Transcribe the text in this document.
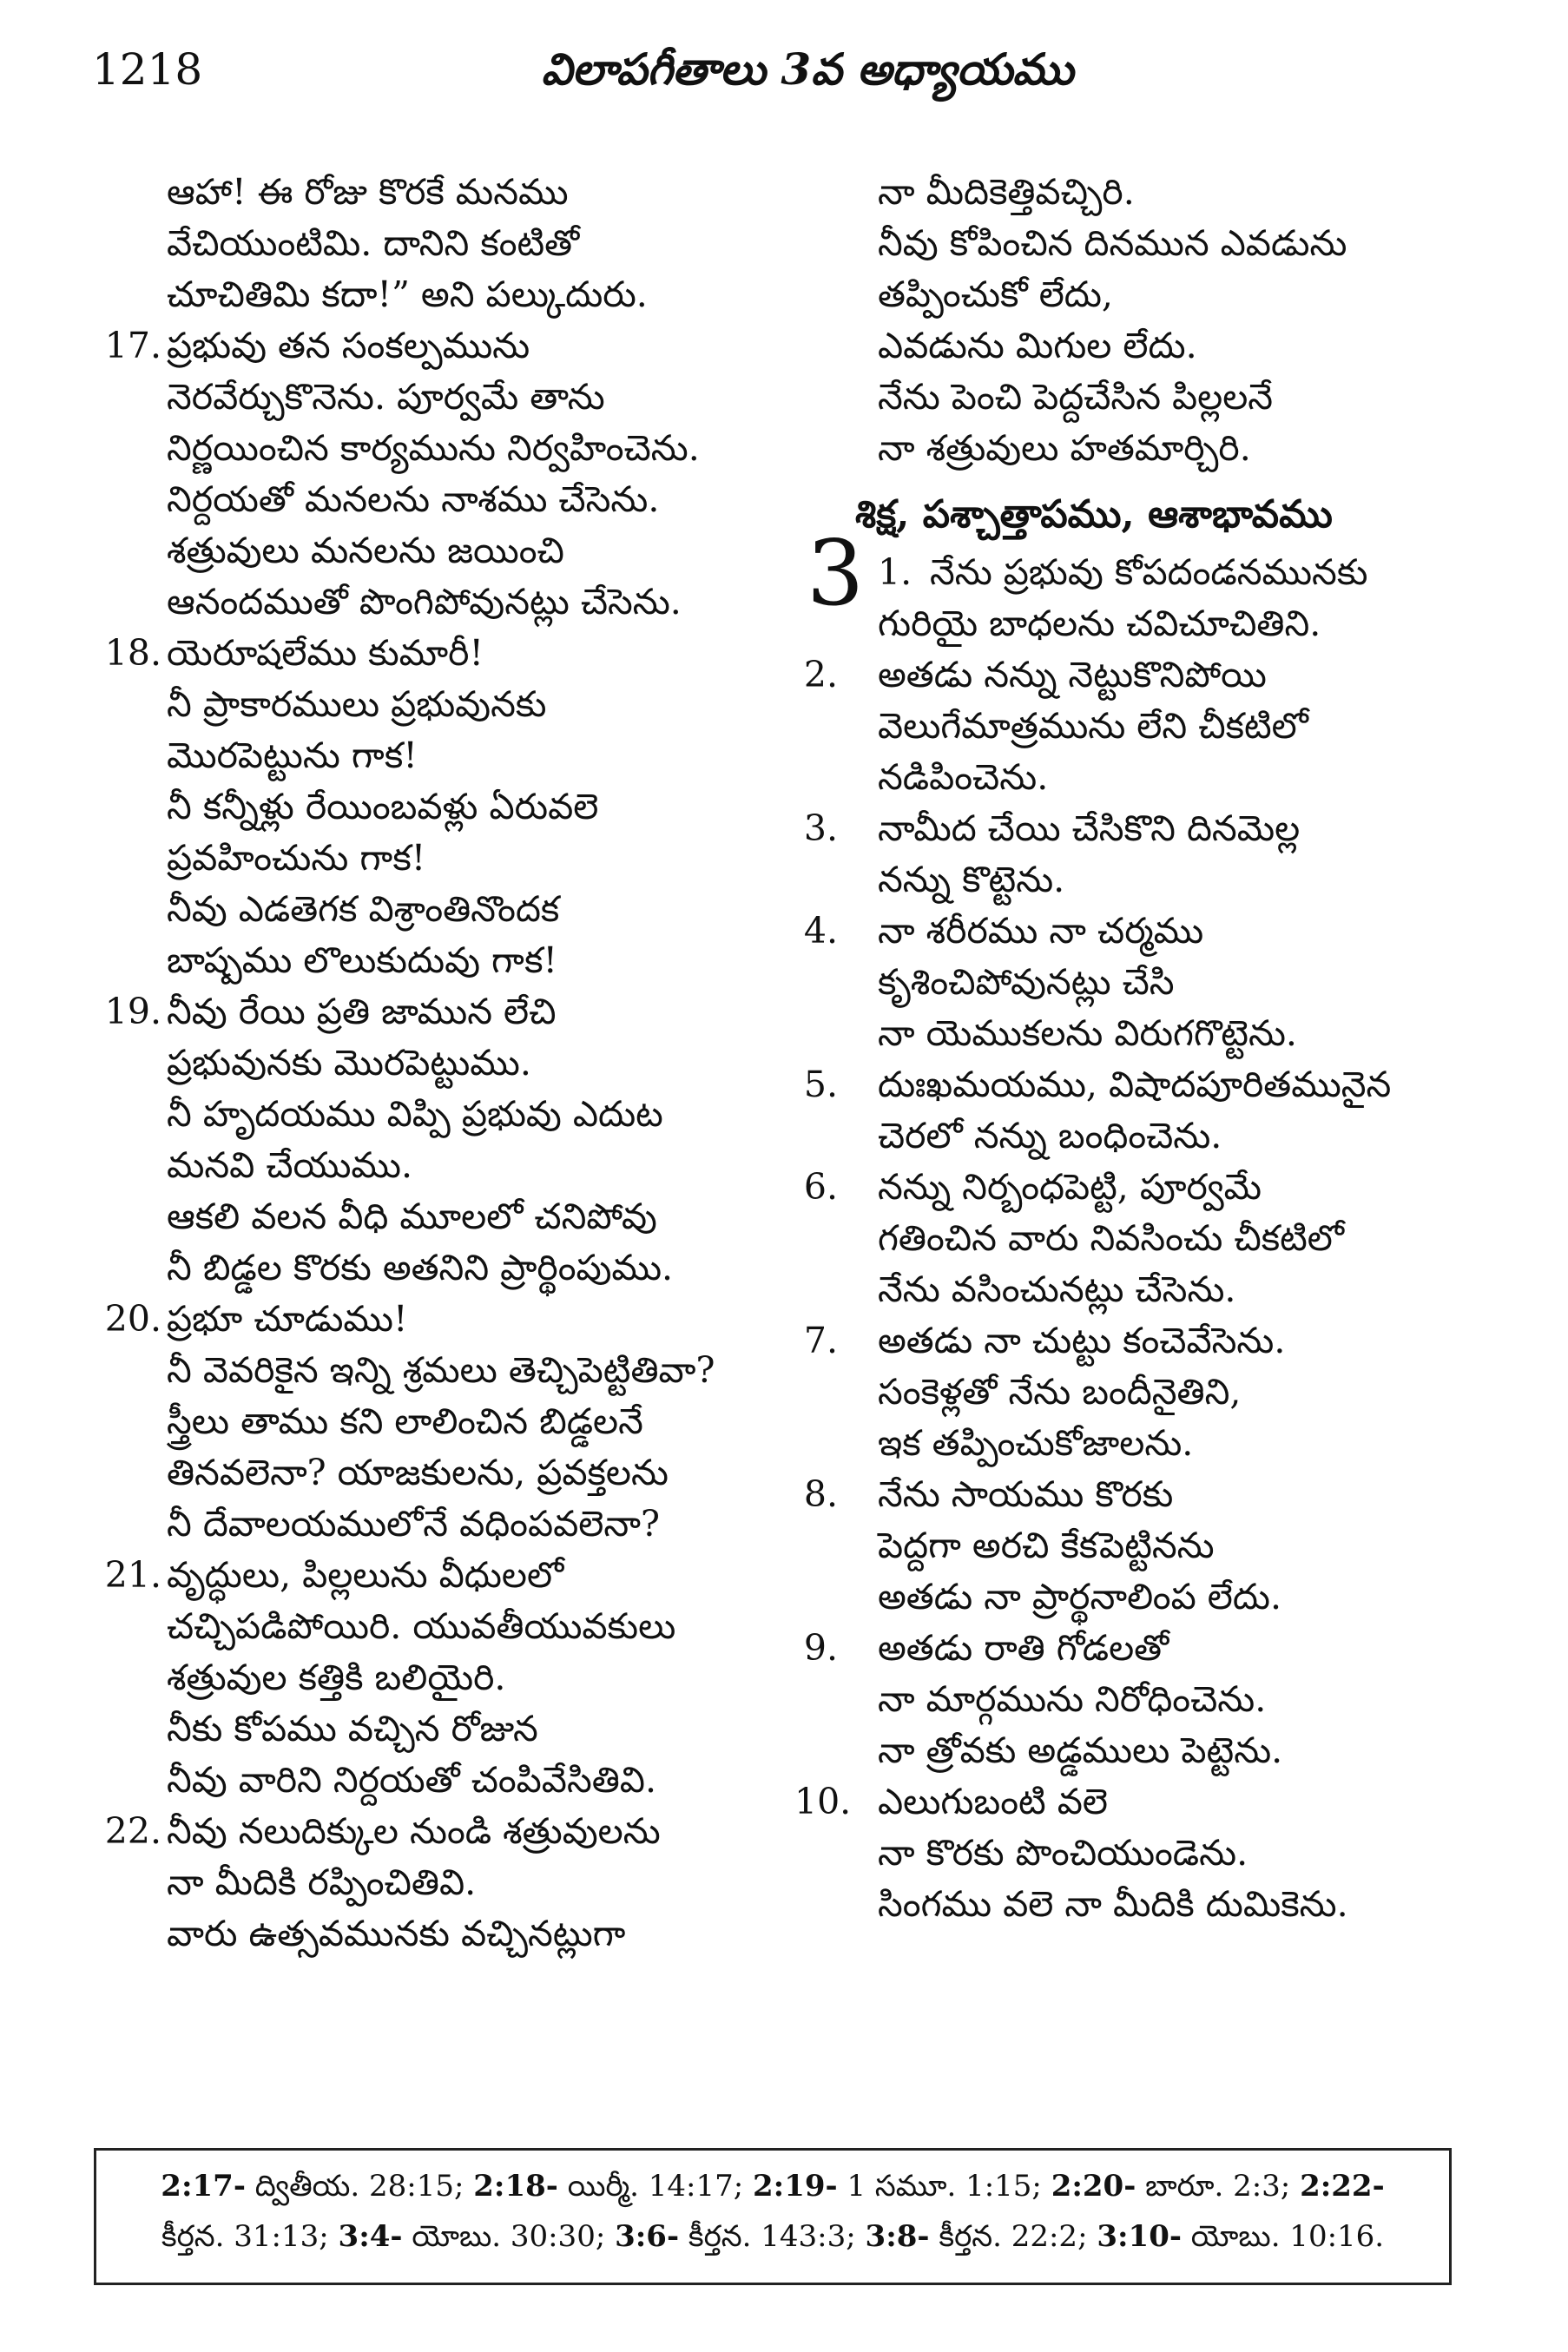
1218	విలాపగీతాలు 3వ అధ్యాయము
ఆహా! ఈ రోజు కొరకే మనము
వేచియుంటిమి. దానిని కంటితో
చూచితిమి కదా!” అని పల్కుదురు.
17. ప్రభువు తన సంకల్పమును
నెరవేర్చుకొనెను. పూర్వమే తాను
నిర్ణయించిన కార్యమును నిర్వహించెను.
నిర్దయతో మనలను నాశము చేసెను.
శత్రువులు మనలను జయించి
ఆనందముతో పొంగిపోవునట్లు చేసెను.
18. యెరూషలేము కుమారీ!
నీ ప్రాకారములు ప్రభువునకు
మొరపెట్టును గాక!
నీ కన్నీళ్లు రేయింబవళ్లు ఏరువలె
ప్రవహించును గాక!
నీవు ఎడతెగక విశ్రాంతినొందక
బాష్పము లొలుకుదువు గాక!
19. నీవు రేయి ప్రతి జామున లేచి
ప్రభువునకు మొరపెట్టుము.
నీ హృదయము విప్పి ప్రభువు ఎదుట
మనవి చేయుము.
ఆకలి వలన వీధి మూలలో చనిపోవు
నీ బిడ్డల కొరకు అతనిని ప్రార్థింపుము.
20. ప్రభూ చూడుము!
నీ వెవరికైన ఇన్ని శ్రమలు తెచ్చిపెట్టితివా?
స్త్రీలు తాము కని లాలించిన బిడ్డలనే
తినవలెనా? యాజకులను, ప్రవక్తలను
నీ దేవాలయములోనే వధింపవలెనా?
21. వృద్ధులు, పిల్లలును వీధులలో
చచ్చిపడిపోయిరి. యువతీయువకులు
శత్రువుల కత్తికి బలియైరి.
నీకు కోపము వచ్చిన రోజున
నీవు వారిని నిర్దయతో చంపివేసితివి.
22. నీవు నలుదిక్కుల నుండి శత్రువులను
నా మీదికి రప్పించితివి.
వారు ఉత్సవమునకు వచ్చినట్లుగా
నా మీదికెత్తివచ్చిరి.
నీవు కోపించిన దినమున ఎవడును
తప్పించుకో లేదు,
ఎవడును మిగుల లేదు.
నేను పెంచి పెద్దచేసిన పిల్లలనే
నా శత్రువులు హతమార్చిరి.
శిక్ష, పశ్చాత్తాపము, ఆశాభావము
3 1. నేను ప్రభువు కోపదండనమునకు
గురియై బాధలను చవిచూచితిని.
2. అతడు నన్ను నెట్టుకొనిపోయి
వెలుగేమాత్రమును లేని చీకటిలో
నడిపించెను.
3. నామీద చేయి చేసికొని దినమెల్ల
నన్ను కొట్టెను.
4. నా శరీరము నా చర్మము
కృశించిపోవునట్లు చేసి
నా యెముకలను విరుగగొట్టెను.
5. దుఃఖమయము, విషాదపూరితమునైన
చెరలో నన్ను బంధించెను.
6. నన్ను నిర్బంధపెట్టి, పూర్వమే
గతించిన వారు నివసించు చీకటిలో
నేను వసించునట్లు చేసెను.
7. అతడు నా చుట్టు కంచెవేసెను.
సంకెళ్లతో నేను బందీనైతిని,
ఇక తప్పించుకోజాలను.
8. నేను సాయము కొరకు
పెద్దగా అరచి కేకపెట్టినను
అతడు నా ప్రార్థనాలింప లేదు.
9. అతడు రాతి గోడలతో
నా మార్గమును నిరోధించెను.
నా త్రోవకు అడ్డములు పెట్టెను.
10. ఎలుగుబంటి వలె
నా కొరకు పొంచియుండెను.
సింగము వలె నా మీదికి దుమికెను.
2:17- ద్వితీయ. 28:15; 2:18- యిర్మీ. 14:17; 2:19- 1 సమూ. 1:15; 2:20- బారూ. 2:3; 2:22-
కీర్తన. 31:13; 3:4- యోబు. 30:30; 3:6- కీర్తన. 143:3; 3:8- కీర్తన. 22:2; 3:10- యోబు. 10:16.
